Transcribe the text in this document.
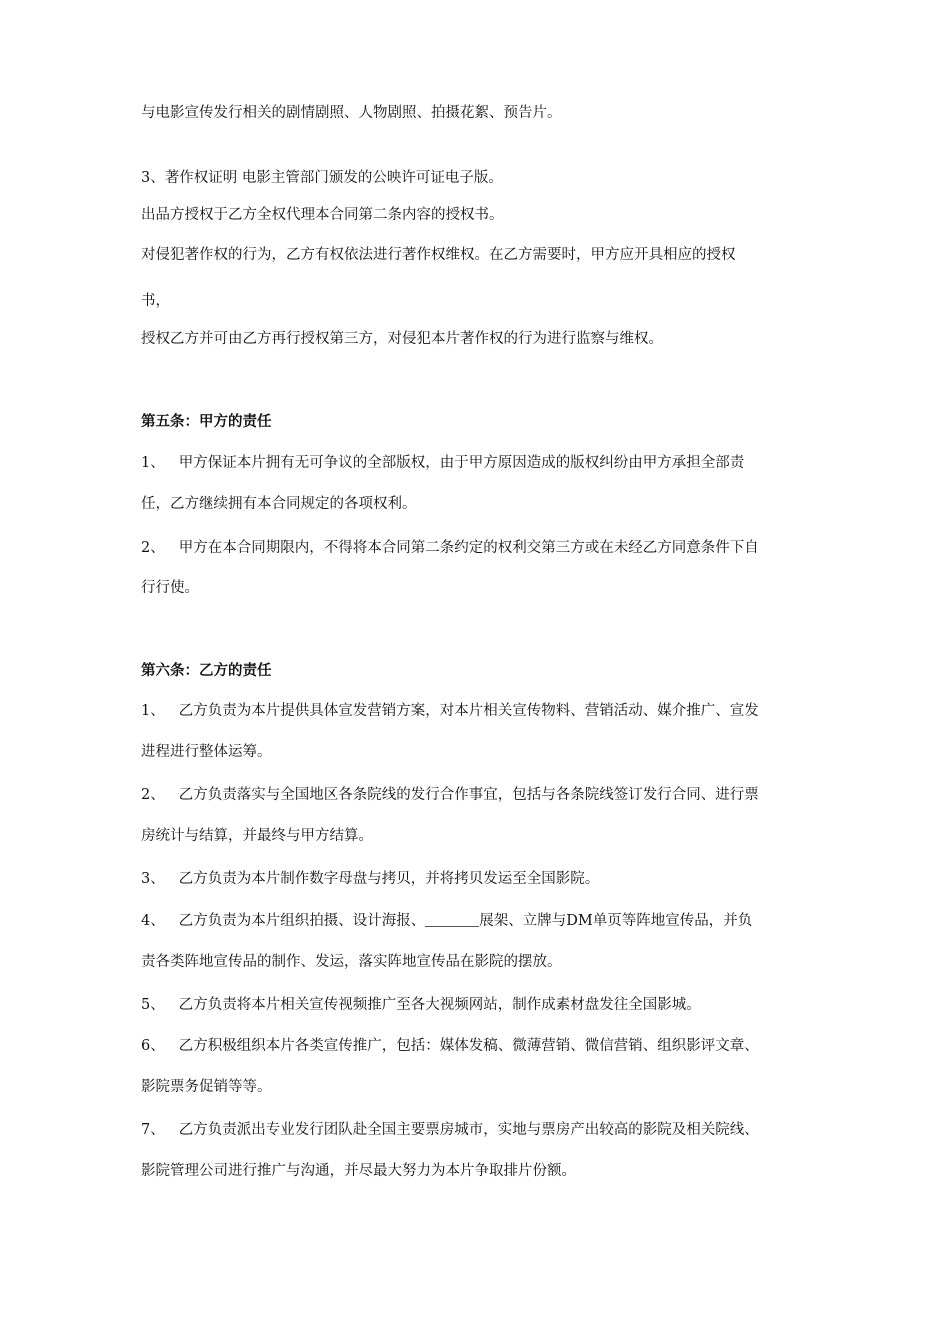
与电影宣传发行相关的剧情剧照、人物剧照、拍摄花絮、预告片。

3、著作权证明 电影主管部门颁发的公映许可证电子版。

出品方授权于乙方全权代理本合同第二条内容的授权书。

对侵犯著作权的行为，乙方有权依法进行著作权维权。在乙方需要时，甲方应开具相应的授权

书，

授权乙方并可由乙方再行授权第三方，对侵犯本片著作权的行为进行监察与维权。

第五条：甲方的责任

1、 甲方保证本片拥有无可争议的全部版权，由于甲方原因造成的版权纠纷由甲方承担全部责

任，乙方继续拥有本合同规定的各项权利。

2、 甲方在本合同期限内，不得将本合同第二条约定的权利交第三方或在未经乙方同意条件下自

行行使。

第六条：乙方的责任

1、 乙方负责为本片提供具体宣发营销方案，对本片相关宣传物料、营销活动、媒介推广、宣发

进程进行整体运筹。

2、 乙方负责落实与全国地区各条院线的发行合作事宜，包括与各条院线签订发行合同、进行票

房统计与结算，并最终与甲方结算。

3、 乙方负责为本片制作数字母盘与拷贝，并将拷贝发运至全国影院。

4、 乙方负责为本片组织拍摄、设计海报、	展架、立牌与DM单页等阵地宣传品，并负

责各类阵地宣传品的制作、发运，落实阵地宣传品在影院的摆放。

5、 乙方负责将本片相关宣传视频推广至各大视频网站，制作成素材盘发往全国影城。

6、 乙方积极组织本片各类宣传推广，包括：媒体发稿、微薄营销、微信营销、组织影评文章、

影院票务促销等等。

7、 乙方负责派出专业发行团队赴全国主要票房城市，实地与票房产出较高的影院及相关院线、

影院管理公司进行推广与沟通，并尽最大努力为本片争取排片份额。
